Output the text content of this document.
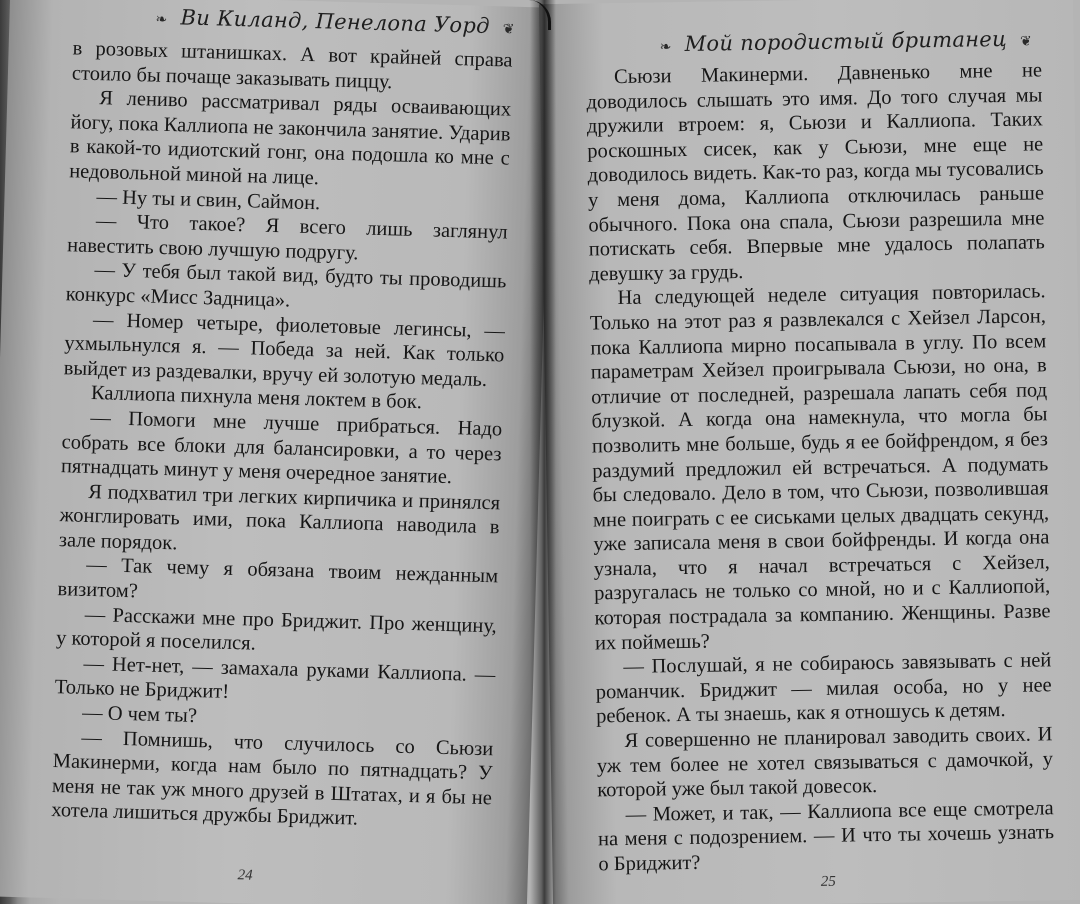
❧ Ви Киланд, Пенелопа Уорд ❦

в розовых штанишках. А вот крайней справа стоило бы почаще заказывать пиццу.

Я лениво рассматривал ряды осваивающих йогу, пока Каллиопа не закончила занятие. Ударив в какой-то идиотский гонг, она подошла ко мне с недовольной миной на лице.

— Ну ты и свин, Саймон.

— Что такое? Я всего лишь заглянул навестить свою лучшую подругу.

— У тебя был такой вид, будто ты проводишь конкурс «Мисс Задница».

— Номер четыре, фиолетовые легинсы, — ухмыльнулся я. — Победа за ней. Как только выйдет из раздевалки, вручу ей золотую медаль.

Каллиопа пихнула меня локтем в бок.

— Помоги мне лучше прибраться. Надо собрать все блоки для балансировки, а то через пятнадцать минут у меня очередное занятие.

Я подхватил три легких кирпичика и принялся жонглировать ими, пока Каллиопа наводила в зале порядок.

— Так чему я обязана твоим нежданным визитом?

— Расскажи мне про Бриджит. Про женщину, у которой я поселился.

— Нет-нет, — замахала руками Каллиопа. — Только не Бриджит!

— О чем ты?

— Помнишь, что случилось со Сьюзи Макинерми, когда нам было по пятнадцать? У меня не так уж много друзей в Штатах, и я бы не хотела лишиться дружбы Бриджит.

24
❧ Мой породистый британец ❦

Сьюзи Макинерми. Давненько мне не доводилось слышать это имя. До того случая мы дружили втроем: я, Сьюзи и Каллиопа. Таких роскошных сисек, как у Сьюзи, мне еще не доводилось видеть. Как-то раз, когда мы тусовались у меня дома, Каллиопа отключилась раньше обычного. Пока она спала, Сьюзи разрешила мне потискать себя. Впервые мне удалось полапать девушку за грудь.

На следующей неделе ситуация повторилась. Только на этот раз я развлекался с Хейзел Ларсон, пока Каллиопа мирно посапывала в углу. По всем параметрам Хейзел проигрывала Сьюзи, но она, в отличие от последней, разрешала лапать себя под блузкой. А когда она намекнула, что могла бы позволить мне больше, будь я ее бойфрендом, я без раздумий предложил ей встречаться. А подумать бы следовало. Дело в том, что Сьюзи, позволившая мне поиграть с ее сиськами целых двадцать секунд, уже записала меня в свои бойфренды. И когда она узнала, что я начал встречаться с Хейзел, разругалась не только со мной, но и с Каллиопой, которая пострадала за компанию. Женщины. Разве их поймешь?

— Послушай, я не собираюсь завязывать с ней романчик. Бриджит — милая особа, но у нее ребенок. А ты знаешь, как я отношусь к детям.

Я совершенно не планировал заводить своих. И уж тем более не хотел связываться с дамочкой, у которой уже был такой довесок.

— Может, и так, — Каллиопа все еще смотрела на меня с подозрением. — И что ты хочешь узнать о Бриджит?

25
